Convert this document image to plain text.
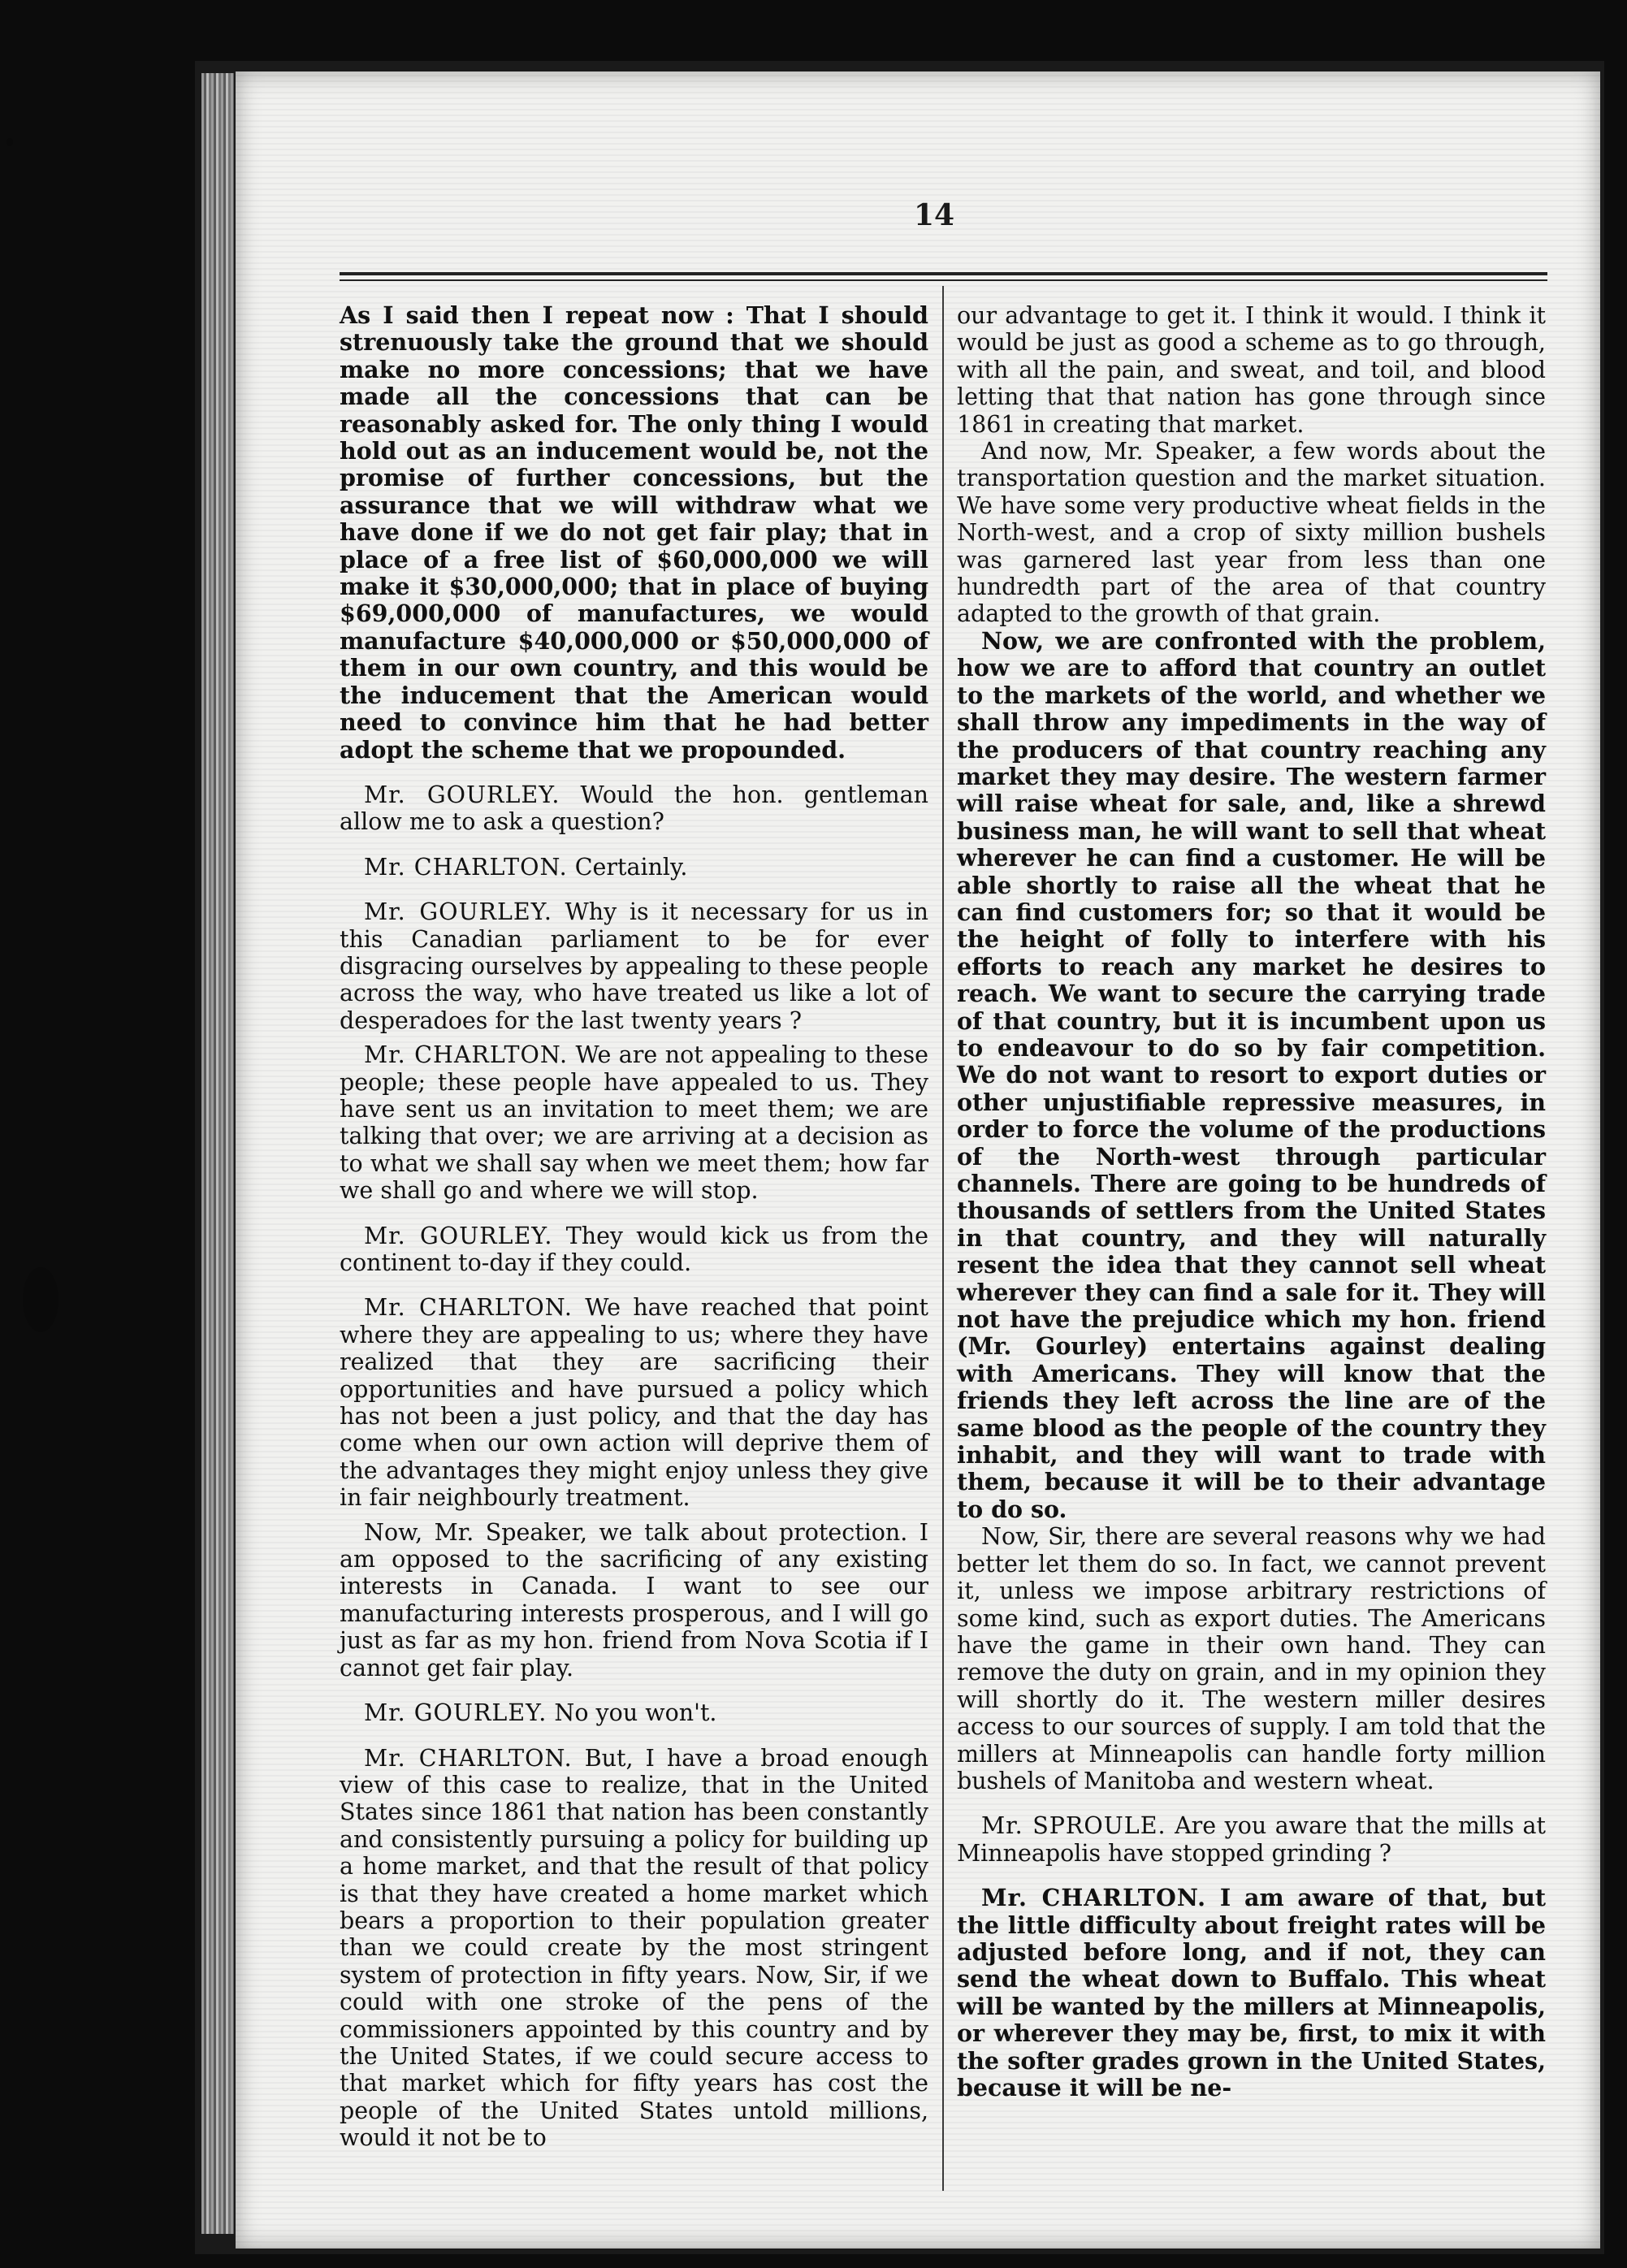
14

As I said then I repeat now : That I should strenuously take the ground that we should make no more concessions; that we have made all the concessions that can be reasonably asked for. The only thing I would hold out as an inducement would be, not the promise of further concessions, but the assurance that we will withdraw what we have done if we do not get fair play; that in place of a free list of $60,000,000 we will make it $30,000,000; that in place of buying $69,000,000 of manufactures, we would manufacture $40,000,000 or $50,000,000 of them in our own country, and this would be the inducement that the American would need to convince him that he had better adopt the scheme that we propounded.

Mr. GOURLEY. Would the hon. gentleman allow me to ask a question?

Mr. CHARLTON. Certainly.

Mr. GOURLEY. Why is it necessary for us in this Canadian parliament to be for ever disgracing ourselves by appealing to these people across the way, who have treated us like a lot of desperadoes for the last twenty years ?

Mr. CHARLTON. We are not appealing to these people; these people have appealed to us. They have sent us an invitation to meet them; we are talking that over; we are arriving at a decision as to what we shall say when we meet them; how far we shall go and where we will stop.

Mr. GOURLEY. They would kick us from the continent to-day if they could.

Mr. CHARLTON. We have reached that point where they are appealing to us; where they have realized that they are sacrificing their opportunities and have pursued a policy which has not been a just policy, and that the day has come when our own action will deprive them of the advantages they might enjoy unless they give in fair neighbourly treatment.

Now, Mr. Speaker, we talk about protection. I am opposed to the sacrificing of any existing interests in Canada. I want to see our manufacturing interests prosperous, and I will go just as far as my hon. friend from Nova Scotia if I cannot get fair play.

Mr. GOURLEY. No you won't.

Mr. CHARLTON. But, I have a broad enough view of this case to realize, that in the United States since 1861 that nation has been constantly and consistently pursuing a policy for building up a home market, and that the result of that policy is that they have created a home market which bears a proportion to their population greater than we could create by the most stringent system of protection in fifty years. Now, Sir, if we could with one stroke of the pens of the commissioners appointed by this country and by the United States, if we could secure access to that market which for fifty years has cost the people of the United States untold millions, would it not be to

our advantage to get it. I think it would. I think it would be just as good a scheme as to go through, with all the pain, and sweat, and toil, and blood letting that that nation has gone through since 1861 in creating that market.

And now, Mr. Speaker, a few words about the transportation question and the market situation. We have some very productive wheat fields in the North-west, and a crop of sixty million bushels was garnered last year from less than one hundredth part of the area of that country adapted to the growth of that grain.

Now, we are confronted with the problem, how we are to afford that country an outlet to the markets of the world, and whether we shall throw any impediments in the way of the producers of that country reaching any market they may desire. The western farmer will raise wheat for sale, and, like a shrewd business man, he will want to sell that wheat wherever he can find a customer. He will be able shortly to raise all the wheat that he can find customers for; so that it would be the height of folly to interfere with his efforts to reach any market he desires to reach. We want to secure the carrying trade of that country, but it is incumbent upon us to endeavour to do so by fair competition. We do not want to resort to export duties or other unjustifiable repressive measures, in order to force the volume of the productions of the North-west through particular channels. There are going to be hundreds of thousands of settlers from the United States in that country, and they will naturally resent the idea that they cannot sell wheat wherever they can find a sale for it. They will not have the prejudice which my hon. friend (Mr. Gourley) entertains against dealing with Americans. They will know that the friends they left across the line are of the same blood as the people of the country they inhabit, and they will want to trade with them, because it will be to their advantage to do so.

Now, Sir, there are several reasons why we had better let them do so. In fact, we cannot prevent it, unless we impose arbitrary restrictions of some kind, such as export duties. The Americans have the game in their own hand. They can remove the duty on grain, and in my opinion they will shortly do it. The western miller desires access to our sources of supply. I am told that the millers at Minneapolis can handle forty million bushels of Manitoba and western wheat.

Mr. SPROULE. Are you aware that the mills at Minneapolis have stopped grinding ?

Mr. CHARLTON. I am aware of that, but the little difficulty about freight rates will be adjusted before long, and if not, they can send the wheat down to Buffalo. This wheat will be wanted by the millers at Minneapolis, or wherever they may be, first, to mix it with the softer grades grown in the United States, because it will be ne-
